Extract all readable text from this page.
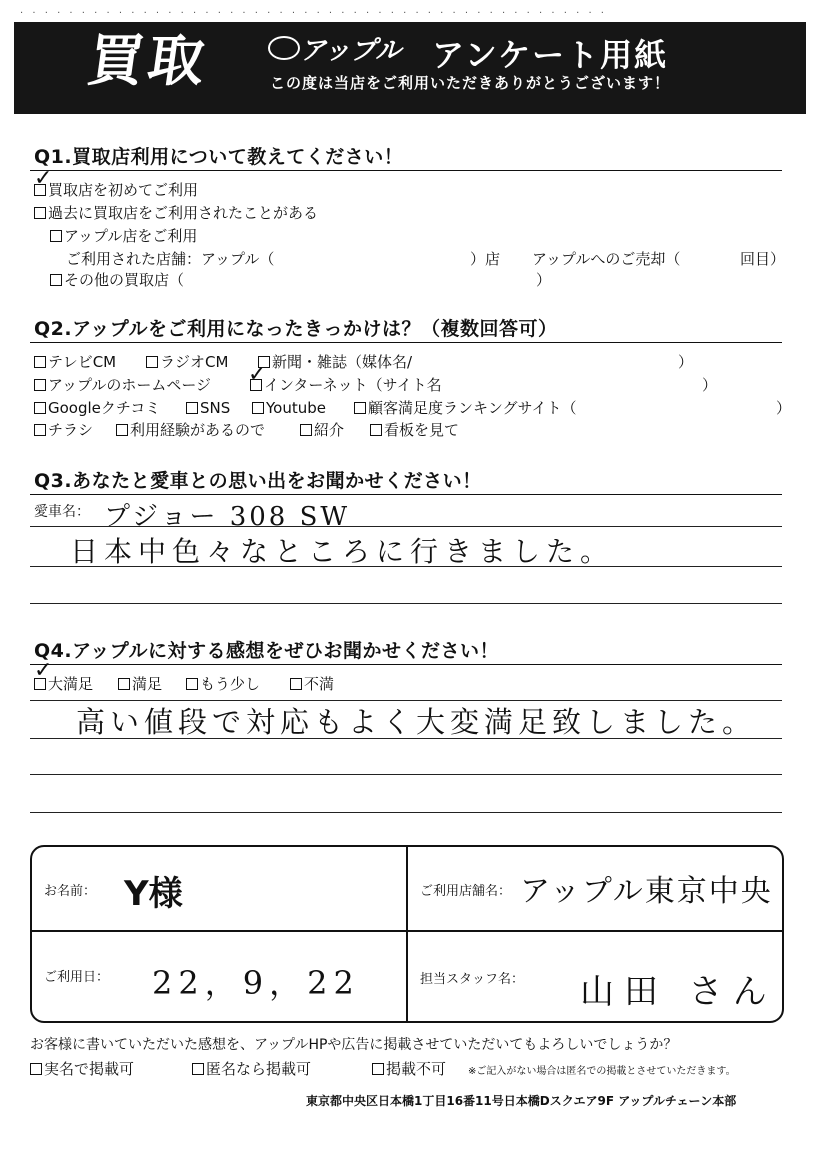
· · · · · · · · · · · · · · · · · · · · · · · · · · · · · · · · · · · · · · · · · · · · · · · ·
買取	アップル アンケート用紙
この度は当店をご利用いただきありがとうございます！
Q1.買取店利用について教えてください！
✓
買取店を初めてご利用
過去に買取店をご利用されたことがある
アップル店をご利用
ご利用された店舗：アップル（	）店 アップルへのご売却（	回目）
その他の買取店（	）
Q2.アップルをご利用になったきっかけは？（複数回答可）
テレビCM	ラジオCM	新聞・雑誌（媒体名/	）
アップルのホームページ ✓
インターネット（サイト名	）
Googleクチコミ	SNS	Youtube	顧客満足度ランキングサイト（	）
チラシ	利用経験があるので	紹介	看板を見て
Q3.あなたと愛車との思い出をお聞かせください！
愛車名： プジョー 308 SW
日本中色々なところに行きました。
Q4.アップルに対する感想をぜひお聞かせください！
✓
大満足	満足	もう少し	不満
高い値段で対応もよく大変満足致しました。
お名前： Y様	ご利用店舗名： アップル東京中央
ご利用日： 22，9，22	担当スタッフ名： 山田 さん
お客様に書いていただいた感想を、アップルHPや広告に掲載させていただいてもよろしいでしょうか？
実名で掲載可	匿名なら掲載可	掲載不可 ※ご記入がない場合は匿名での掲載とさせていただきます。
東京都中央区日本橋1丁目16番11号日本橋Dスクエア9F アップルチェーン本部
